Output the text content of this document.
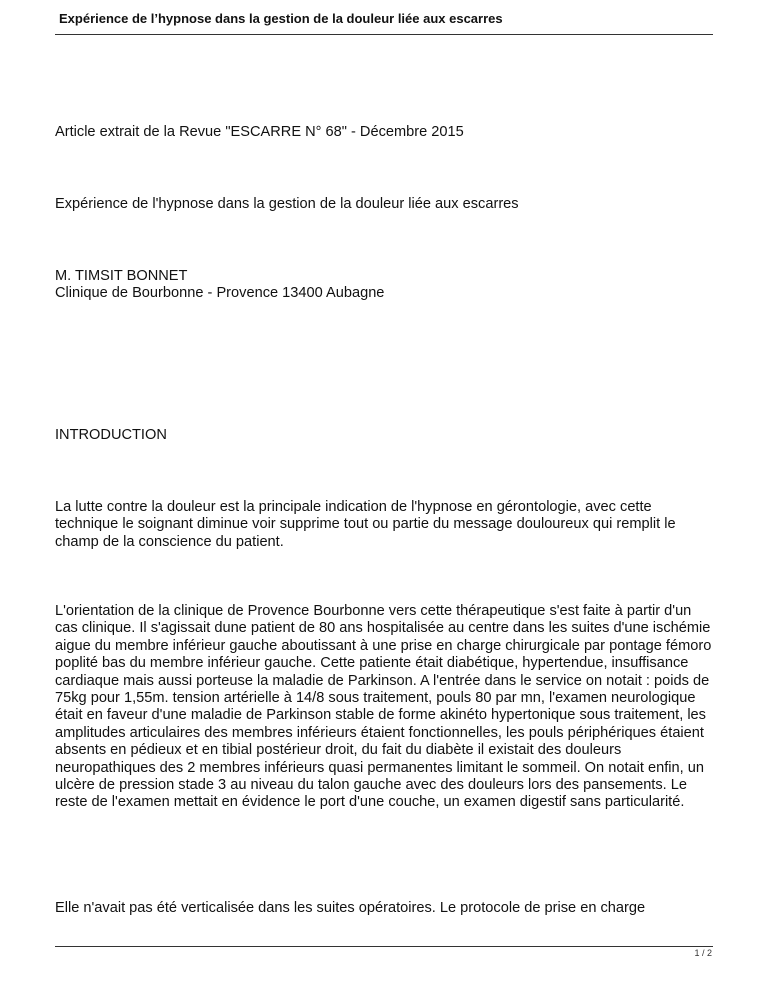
Expérience de l’hypnose dans la gestion de la douleur liée aux escarres

Article extrait de la Revue "ESCARRE N° 68" - Décembre 2015

Expérience de l'hypnose dans la gestion de la douleur liée aux escarres

M. TIMSIT BONNET

Clinique de Bourbonne - Provence 13400 Aubagne

INTRODUCTION

La lutte contre la douleur est la principale indication de l'hypnose en gérontologie, avec cette technique le soignant diminue voir supprime tout ou partie du message douloureux qui remplit le champ de la conscience du patient.

L'orientation de la clinique de Provence Bourbonne vers cette thérapeutique s'est faite à partir d'un cas clinique. Il s'agissait dune patient de 80 ans hospitalisée au centre dans les suites d'une ischémie aigue du membre inférieur gauche aboutissant à une prise en charge chirurgicale par pontage fémoro poplité bas du membre inférieur gauche. Cette patiente était diabétique, hypertendue, insuffisance cardiaque mais aussi porteuse la maladie de Parkinson. A l'entrée dans le service on notait : poids de 75kg pour 1,55m. tension artérielle à 14/8 sous traitement, pouls 80 par mn, l'examen neurologique était en faveur d'une maladie de Parkinson stable de forme akinéto hypertonique sous traitement, les amplitudes articulaires des membres inférieurs étaient fonctionnelles, les pouls périphériques étaient absents en pédieux et en tibial postérieur droit, du fait du diabète il existait des douleurs neuropathiques des 2 membres inférieurs quasi permanentes limitant le sommeil. On notait enfin, un ulcère de pression stade 3 au niveau du talon gauche avec des douleurs lors des pansements. Le reste de l'examen mettait en évidence le port d'une couche, un examen digestif sans particularité.

Elle n'avait pas été verticalisée dans les suites opératoires. Le protocole de prise en charge

1 / 2
